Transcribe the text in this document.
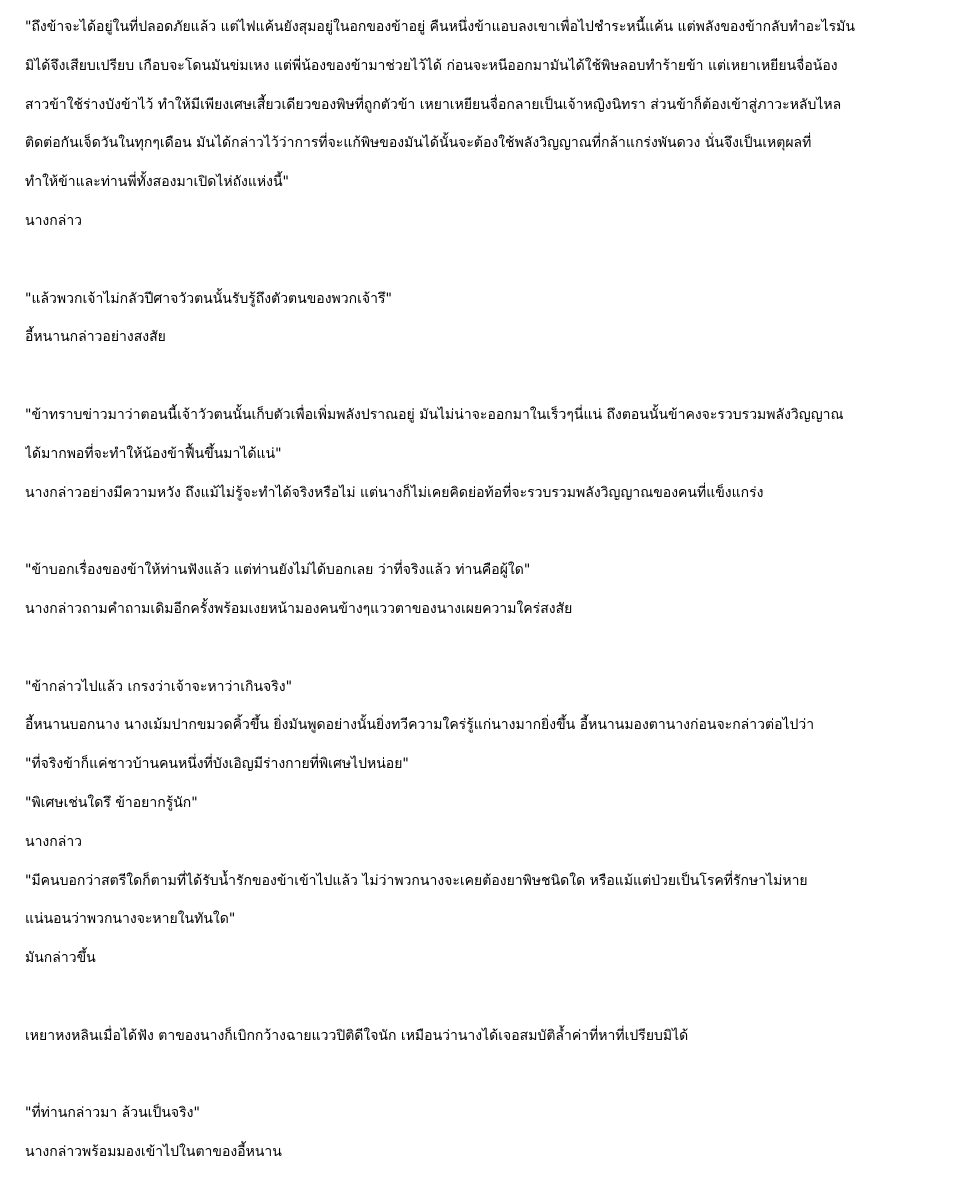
"ถึงข้าจะได้อยู่ในที่ปลอดภัยแล้ว แต่ไฟแค้นยังสุมอยู่ในอกของข้าอยู่ คืนหนึ่งข้าแอบลงเขาเพื่อไปชำระหนี้แค้น แต่พลังของข้ากลับทำอะไรมัน
มิได้จึงเสียบเปรียบ เกือบจะโดนมันข่มเหง แต่พี่น้องของข้ามาช่วยไว้ได้ ก่อนจะหนีออกมามันได้ใช้พิษลอบทำร้ายข้า แต่เหยาเหยียนจื่อน้อง
สาวข้าใช้ร่างบังข้าไว้ ทำให้มีเพียงเศษเสี้ยวเดียวของพิษที่ถูกตัวข้า เหยาเหยียนจื่อกลายเป็นเจ้าหญิงนิทรา ส่วนข้าก็ต้องเข้าสู่ภาวะหลับไหล
ติดต่อกันเจ็ดวันในทุกๆเดือน มันได้กล่าวไว้ว่าการที่จะแก้พิษของมันได้นั้นจะต้องใช้พลังวิญญาณที่กล้าแกร่งพันดวง นั่นจึงเป็นเหตุผลที่
ทำให้ข้าและท่านพี่ทั้งสองมาเปิดไห่ถังแห่งนี้"
นางกล่าว
"แล้วพวกเจ้าไม่กลัวปีศาจวัวตนนั้นรับรู้ถึงตัวตนของพวกเจ้ารึ"
อี้หนานกล่าวอย่างสงสัย
"ข้าทราบข่าวมาว่าตอนนี้เจ้าวัวตนนั้นเก็บตัวเพื่อเพิ่มพลังปราณอยู่ มันไม่น่าจะออกมาในเร็วๆนี่แน่ ถึงตอนนั้นข้าคงจะรวบรวมพลังวิญญาณ
ได้มากพอที่จะทำให้น้องข้าฟื้นขึ้นมาได้แน่"
นางกล่าวอย่างมีความหวัง ถึงแม้ไม่รู้จะทำได้จริงหรือไม่ แต่นางก็ไม่เคยคิดย่อท้อที่จะรวบรวมพลังวิญญาณของคนที่แข็งแกร่ง
"ข้าบอกเรื่องของข้าให้ท่านฟังแล้ว แต่ท่านยังไม่ได้บอกเลย ว่าที่จริงแล้ว ท่านคือผู้ใด"
นางกล่าวถามคำถามเดิมอีกครั้งพร้อมเงยหน้ามองคนข้างๆแววตาของนางเผยความใคร่สงสัย
"ข้ากล่าวไปแล้ว เกรงว่าเจ้าจะหาว่าเกินจริง"
อี้หนานบอกนาง นางเม้มปากขมวดคิ้วขึ้น ยิ่งมันพูดอย่างนั้นยิ่งทวีความใคร่รู้แก่นางมากยิ่งขึ้น อี้หนานมองตานางก่อนจะกล่าวต่อไปว่า
"ที่จริงข้าก็แค่ชาวบ้านคนหนึ่งที่บังเอิญมีร่างกายที่พิเศษไปหน่อย"
"พิเศษเช่นใดรึ ข้าอยากรู้นัก"
นางกล่าว
"มีคนบอกว่าสตรีใดก็ตามที่ได้รับน้ำรักของข้าเข้าไปแล้ว ไม่ว่าพวกนางจะเคยต้องยาพิษชนิดใด หรือแม้แต่ป่วยเป็นโรคที่รักษาไม่หาย
แน่นอนว่าพวกนางจะหายในทันใด"
มันกล่าวขึ้น
เหยาหงหลินเมื่อได้ฟัง ตาของนางก็เบิกกว้างฉายแววปิติดีใจนัก เหมือนว่านางได้เจอสมบัติล้ำค่าที่หาที่เปรียบมิได้
"ที่ท่านกล่าวมา ล้วนเป็นจริง"
นางกล่าวพร้อมมองเข้าไปในตาของอี้หนาน
